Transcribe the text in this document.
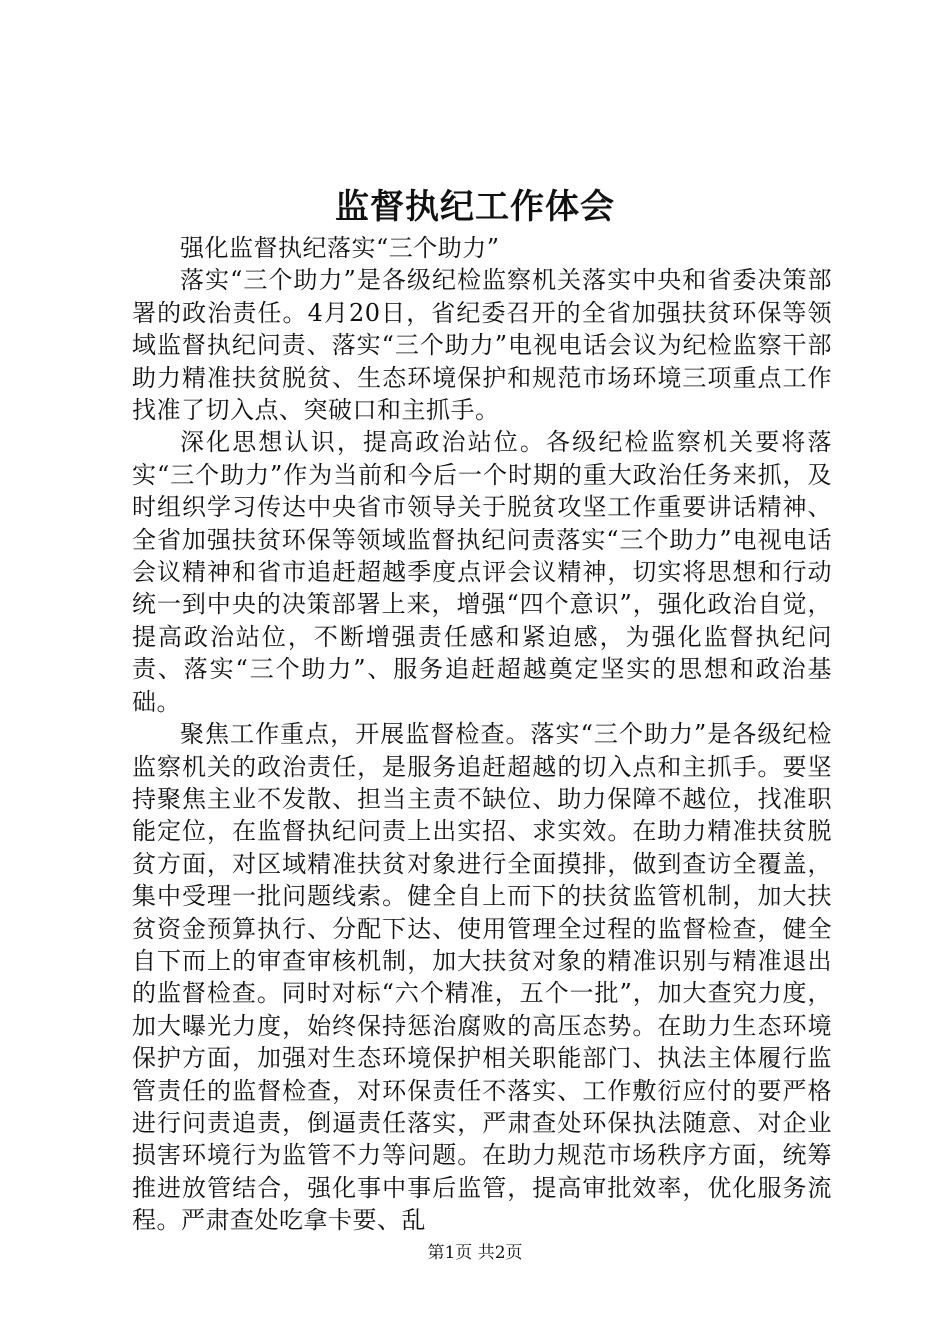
监督执纪工作体会

强化监督执纪落实“三个助力”

落实“三个助力”是各级纪检监察机关落实中央和省委决策部署的政治责任。4月20日，省纪委召开的全省加强扶贫环保等领域监督执纪问责、落实“三个助力”电视电话会议为纪检监察干部助力精准扶贫脱贫、生态环境保护和规范市场环境三项重点工作找准了切入点、突破口和主抓手。

深化思想认识，提高政治站位。各级纪检监察机关要将落实“三个助力”作为当前和今后一个时期的重大政治任务来抓，及时组织学习传达中央省市领导关于脱贫攻坚工作重要讲话精神、全省加强扶贫环保等领域监督执纪问责落实“三个助力”电视电话会议精神和省市追赶超越季度点评会议精神，切实将思想和行动统一到中央的决策部署上来，增强“四个意识”，强化政治自觉，提高政治站位，不断增强责任感和紧迫感，为强化监督执纪问责、落实“三个助力”、服务追赶超越奠定坚实的思想和政治基础。

聚焦工作重点，开展监督检查。落实“三个助力”是各级纪检监察机关的政治责任，是服务追赶超越的切入点和主抓手。要坚持聚焦主业不发散、担当主责不缺位、助力保障不越位，找准职能定位，在监督执纪问责上出实招、求实效。在助力精准扶贫脱贫方面，对区域精准扶贫对象进行全面摸排，做到查访全覆盖，集中受理一批问题线索。健全自上而下的扶贫监管机制，加大扶贫资金预算执行、分配下达、使用管理全过程的监督检查，健全自下而上的审查审核机制，加大扶贫对象的精准识别与精准退出的监督检查。同时对标“六个精准，五个一批”，加大查究力度，加大曝光力度，始终保持惩治腐败的高压态势。在助力生态环境保护方面，加强对生态环境保护相关职能部门、执法主体履行监管责任的监督检查，对环保责任不落实、工作敷衍应付的要严格进行问责追责，倒逼责任落实，严肃查处环保执法随意、对企业损害环境行为监管不力等问题。在助力规范市场秩序方面，统筹推进放管结合，强化事中事后监管，提高审批效率，优化服务流程。严肃查处吃拿卡要、乱

第1页 共2页
